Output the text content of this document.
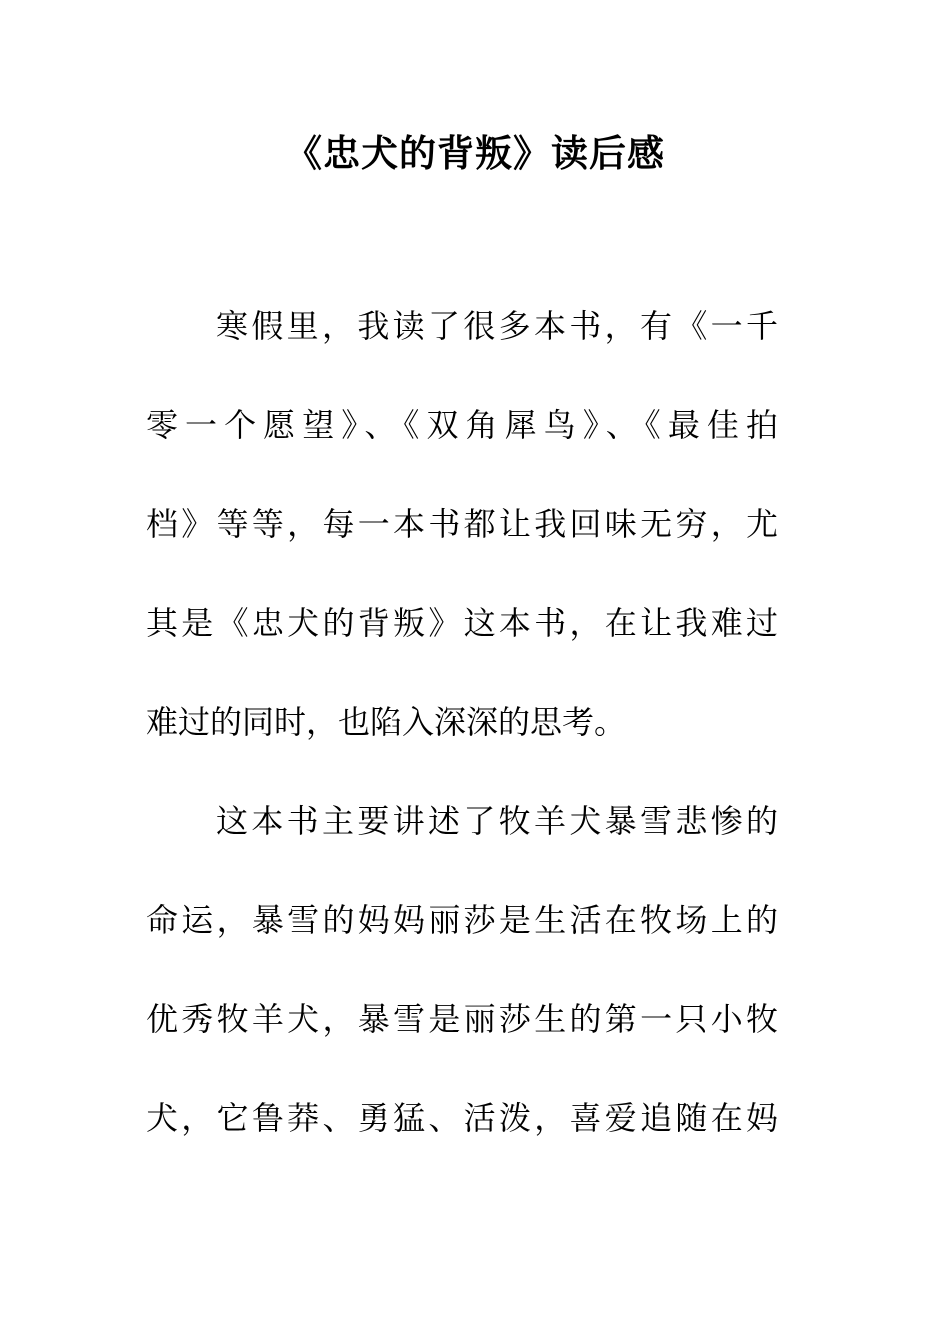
《忠犬的背叛》读后感
寒假里，我读了很多本书，有《一千
零一个愿望》、《双角犀鸟》、《最佳拍
档》等等，每一本书都让我回味无穷，尤
其是《忠犬的背叛》这本书，在让我难过
难过的同时，也陷入深深的思考。
这本书主要讲述了牧羊犬暴雪悲惨的
命运，暴雪的妈妈丽莎是生活在牧场上的
优秀牧羊犬，暴雪是丽莎生的第一只小牧
犬，它鲁莽、勇猛、活泼，喜爱追随在妈
